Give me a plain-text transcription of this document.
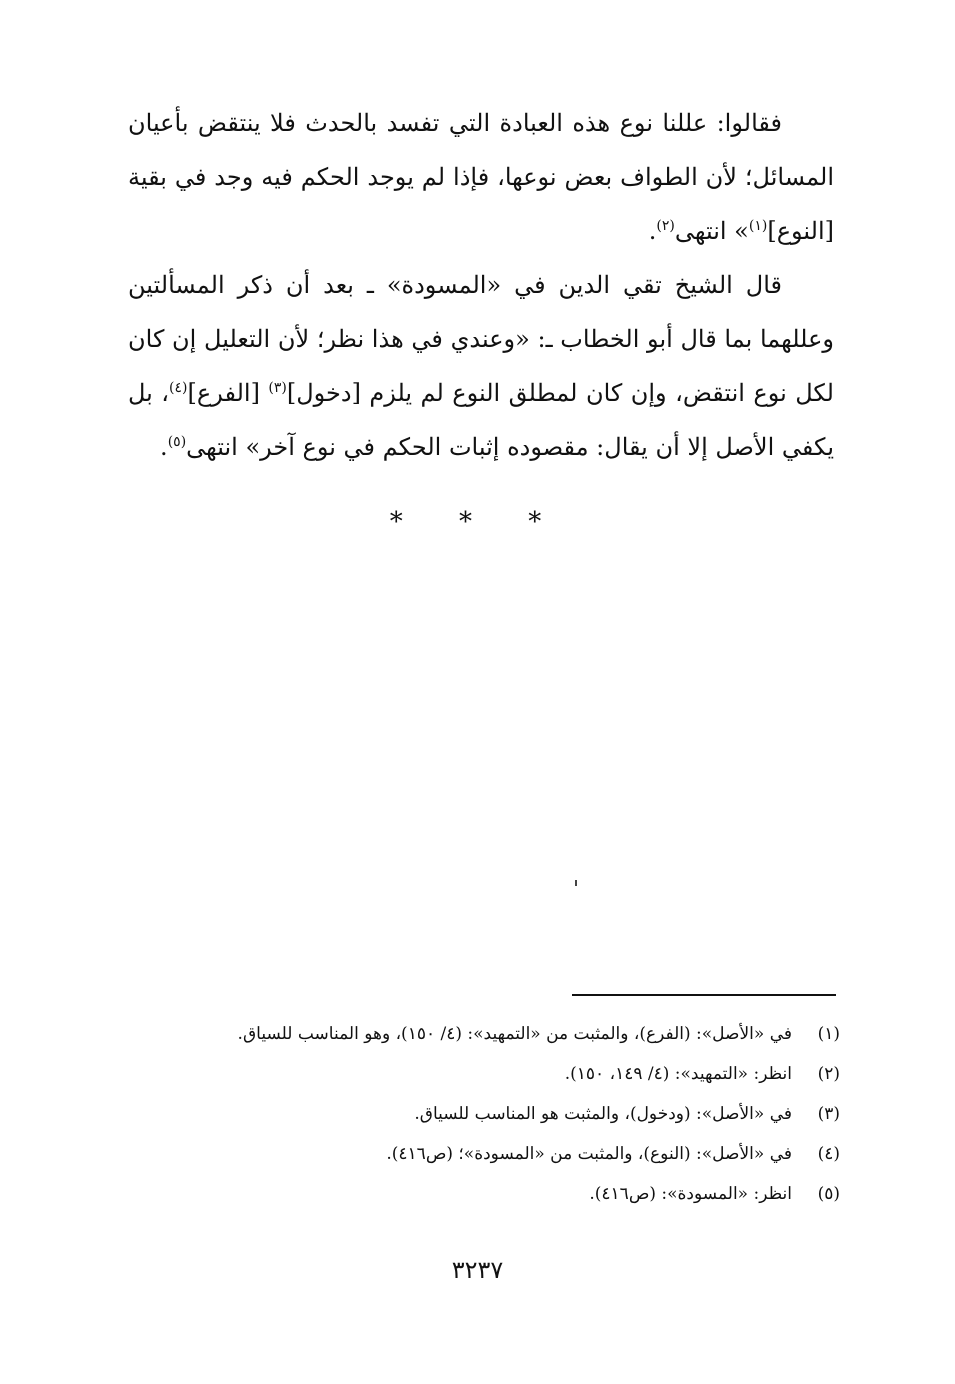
فقالوا: عللنا نوع هذه العبادة التي تفسد بالحدث فلا ينتقض بأعيان المسائل؛ لأن الطواف بعض نوعها، فإذا لم يوجد الحكم فيه وجد في بقية [النوع]$^{(١)}$» انتهى$^{(٢)}$.

قال الشيخ تقي الدين في «المسودة» ـ بعد أن ذكر المسألتين وعللهما بما قال أبو الخطاب ـ: «وعندي في هذا نظر؛ لأن التعليل إن كان لكل نوع انتقض، وإن كان لمطلق النوع لم يلزم [دخول]$^{(٣)}$ [الفرع]$^{(٤)}$، بل يكفي الأصل إلا أن يقال: مقصوده إثبات الحكم في نوع آخر» انتهى$^{(٥)}$.

* * *
(١)
في «الأصل»: (الفرع)، والمثبت من «التمهيد»: (٤/ ١٥٠)، وهو المناسب للسياق.
(٢)
انظر: «التمهيد»: (٤/ ١٤٩، ١٥٠).
(٣)
في «الأصل»: (ودخول)، والمثبت هو المناسب للسياق.
(٤)
في «الأصل»: (النوع)، والمثبت من «المسودة»؛ (ص٤١٦).
(٥)
انظر: «المسودة»: (ص٤١٦).
٣٢٣٧
